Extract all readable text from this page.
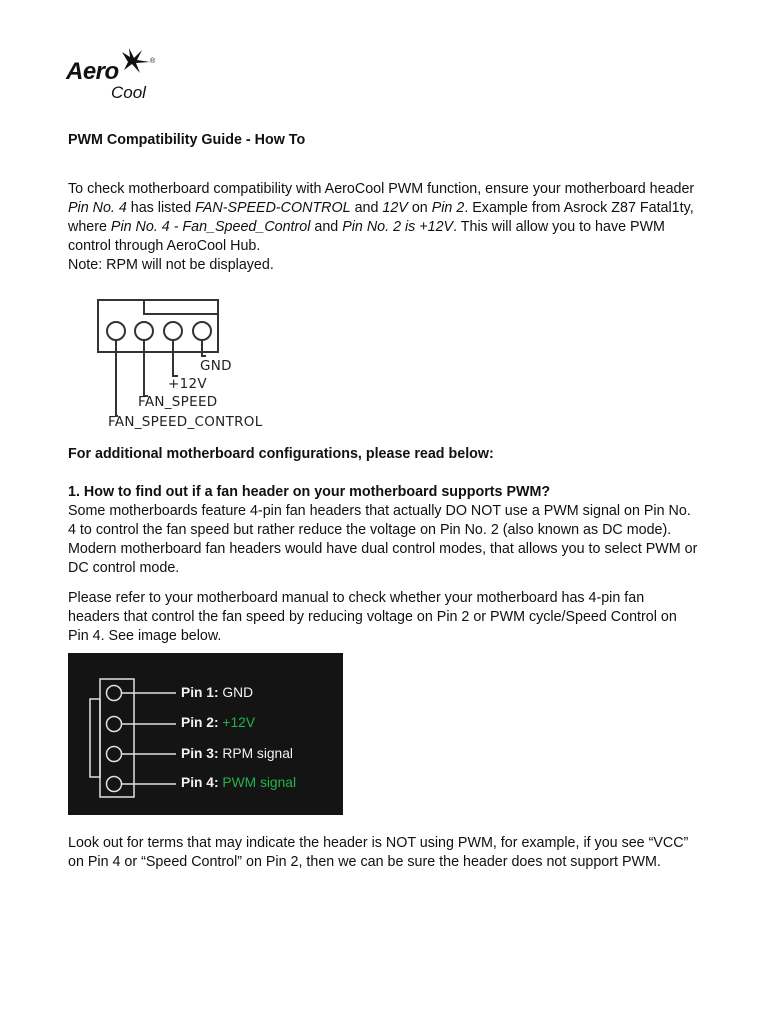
Aero
Cool
®
PWM Compatibility Guide - How To
To check motherboard compatibility with AeroCool PWM function, ensure your motherboard header Pin No. 4 has listed FAN-SPEED-CONTROL and 12V on Pin 2. Example from Asrock Z87 Fatal1ty, where Pin No. 4 - Fan_Speed_Control and Pin No. 2 is +12V. This will allow you to have PWM control through AeroCool Hub.
Note: RPM will not be displayed.
GND
+12V
FAN_SPEED
FAN_SPEED_CONTROL
For additional motherboard configurations, please read below:
1. How to find out if a fan header on your motherboard supports PWM?
Some motherboards feature 4-pin fan headers that actually DO NOT use a PWM signal on Pin No. 4 to control the fan speed but rather reduce the voltage on Pin No. 2 (also known as DC mode). Modern motherboard fan headers would have dual control modes, that allows you to select PWM or DC control mode.
Please refer to your motherboard manual to check whether your motherboard has 4-pin fan headers that control the fan speed by reducing voltage on Pin 2 or PWM cycle/Speed Control on Pin 4. See image below.
Pin 1: GND
Pin 2: +12V
Pin 3: RPM signal
Pin 4: PWM signal
Look out for terms that may indicate the header is NOT using PWM, for example, if you see “VCC” on Pin 4 or “Speed Control” on Pin 2, then we can be sure the header does not support PWM.
